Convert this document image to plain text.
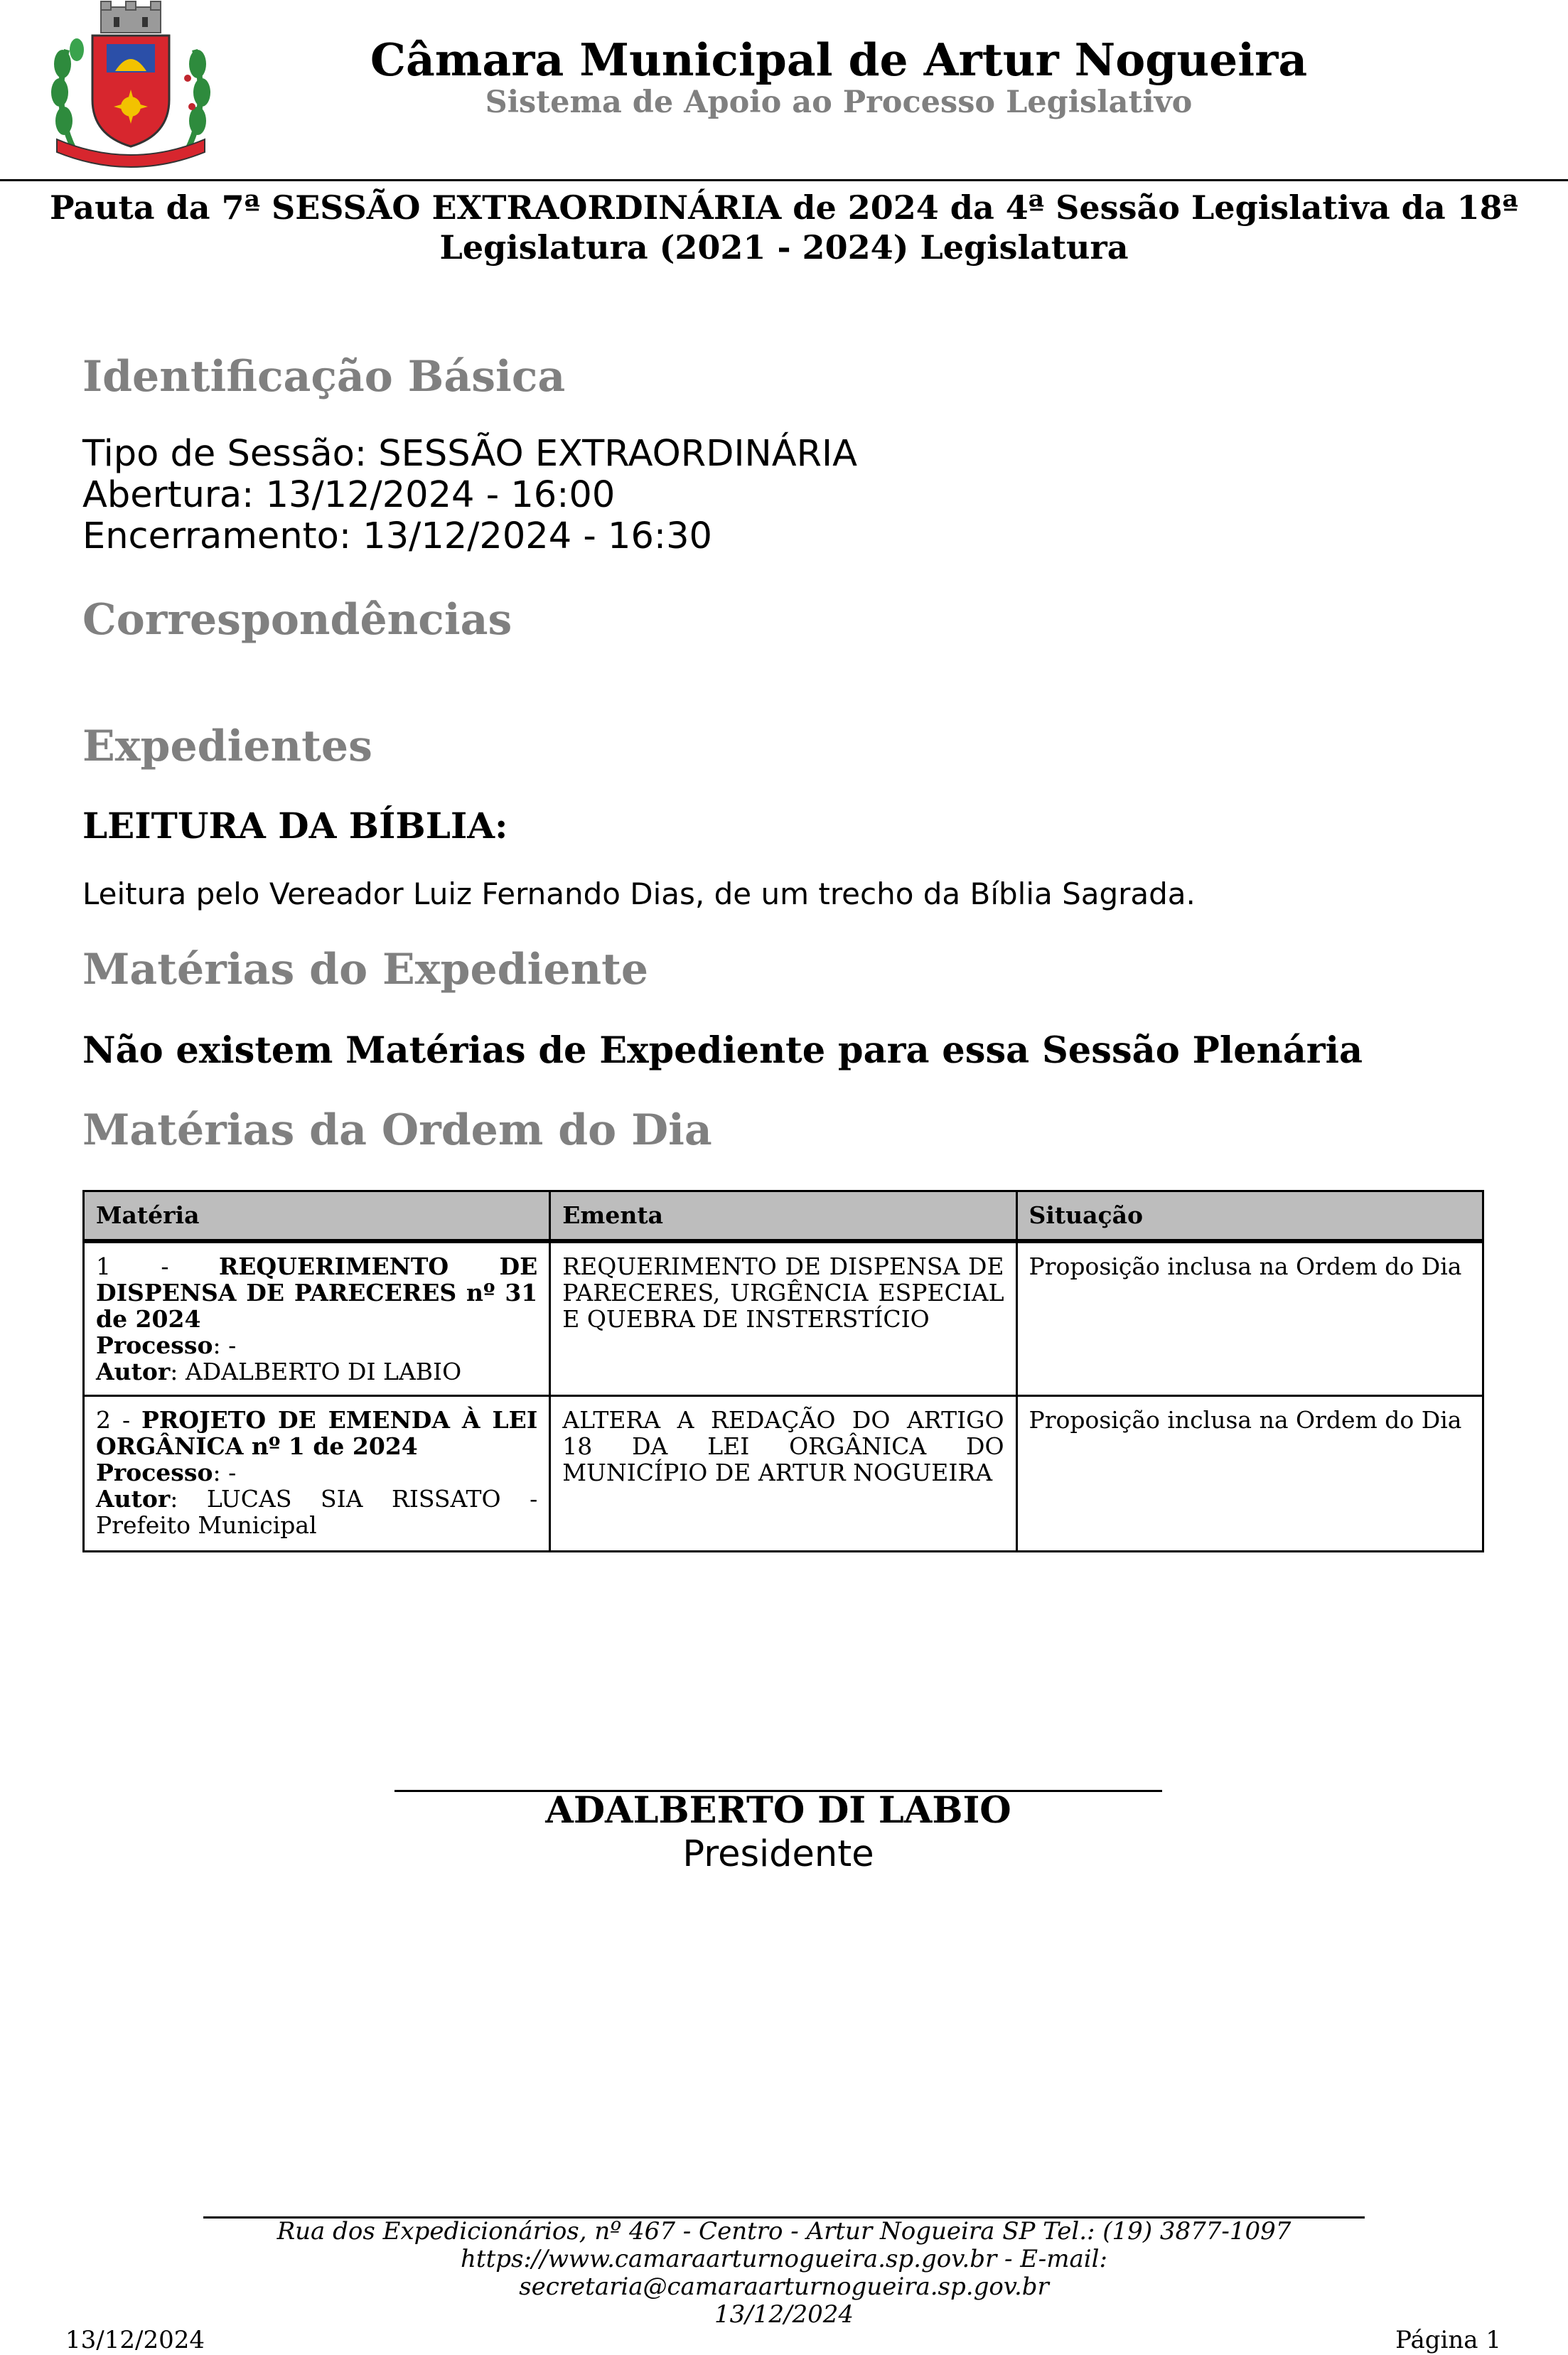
Câmara Municipal de Artur Nogueira
Sistema de Apoio ao Processo Legislativo
Pauta da 7ª SESSÃO EXTRAORDINÁRIA de 2024 da 4ª Sessão Legislativa da 18ª Legislatura (2021 - 2024) Legislatura
Identificação Básica
Tipo de Sessão: SESSÃO EXTRAORDINÁRIA
Abertura: 13/12/2024 - 16:00
Encerramento: 13/12/2024 - 16:30
Correspondências
Expedientes
LEITURA DA BÍBLIA:
Leitura pelo Vereador Luiz Fernando Dias, de um trecho da Bíblia Sagrada.
Matérias do Expediente
Não existem Matérias de Expediente para essa Sessão Plenária
Matérias da Ordem do Dia
Matéria	Ementa	Situação
1 - REQUERIMENTO DE DISPENSA DE PARECERES nº 31 de 2024
Processo: -
Autor: ADALBERTO DI LABIO	REQUERIMENTO DE DISPENSA DE PARECERES, URGÊNCIA ESPECIAL E QUEBRA DE INSTERSTÍCIO	Proposição inclusa na Ordem do Dia
2 - PROJETO DE EMENDA À LEI ORGÂNICA nº 1 de 2024
Processo: -
Autor: LUCAS SIA RISSATO - Prefeito Municipal	ALTERA A REDAÇÃO DO ARTIGO 18 DA LEI ORGÂNICA DO MUNICÍPIO DE ARTUR NOGUEIRA	Proposição inclusa na Ordem do Dia
ADALBERTO DI LABIO
Presidente
Rua dos Expedicionários, nº 467 - Centro - Artur Nogueira SP Tel.: (19) 3877-1097 https://www.camaraarturnogueira.sp.gov.br - E-mail: secretaria@camaraarturnogueira.sp.gov.br
13/12/2024
13/12/2024	Página 1
